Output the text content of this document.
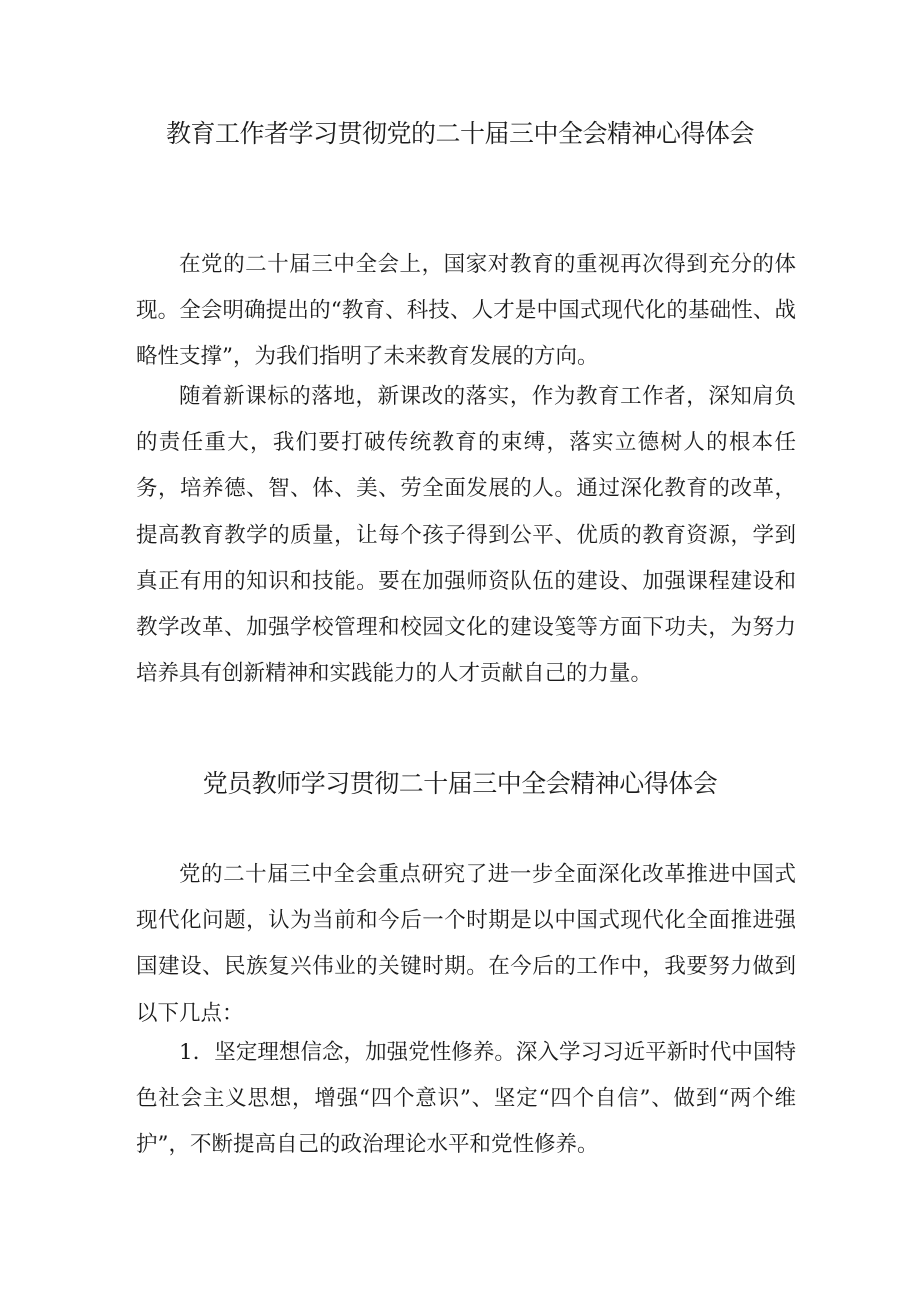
教育工作者学习贯彻党的二十届三中全会精神心得体会

在党的二十届三中全会上，国家对教育的重视再次得到充分的体现。全会明确提出的“教育、科技、人才是中国式现代化的基础性、战略性支撑”，为我们指明了未来教育发展的方向。

随着新课标的落地，新课改的落实，作为教育工作者，深知肩负的责任重大，我们要打破传统教育的束缚，落实立德树人的根本任务，培养德、智、体、美、劳全面发展的人。通过深化教育的改革，提高教育教学的质量，让每个孩子得到公平、优质的教育资源，学到真正有用的知识和技能。要在加强师资队伍的建设、加强课程建设和教学改革、加强学校管理和校园文化的建设笺等方面下功夫，为努力培养具有创新精神和实践能力的人才贡献自己的力量。

党员教师学习贯彻二十届三中全会精神心得体会

党的二十届三中全会重点研究了进一步全面深化改革推进中国式现代化问题，认为当前和今后一个时期是以中国式现代化全面推进强国建设、民族复兴伟业的关键时期。在今后的工作中，我要努力做到以下几点：

1．坚定理想信念，加强党性修养。深入学习习近平新时代中国特色社会主义思想，增强“四个意识”、坚定“四个自信”、做到“两个维护”，不断提高自己的政治理论水平和党性修养。
